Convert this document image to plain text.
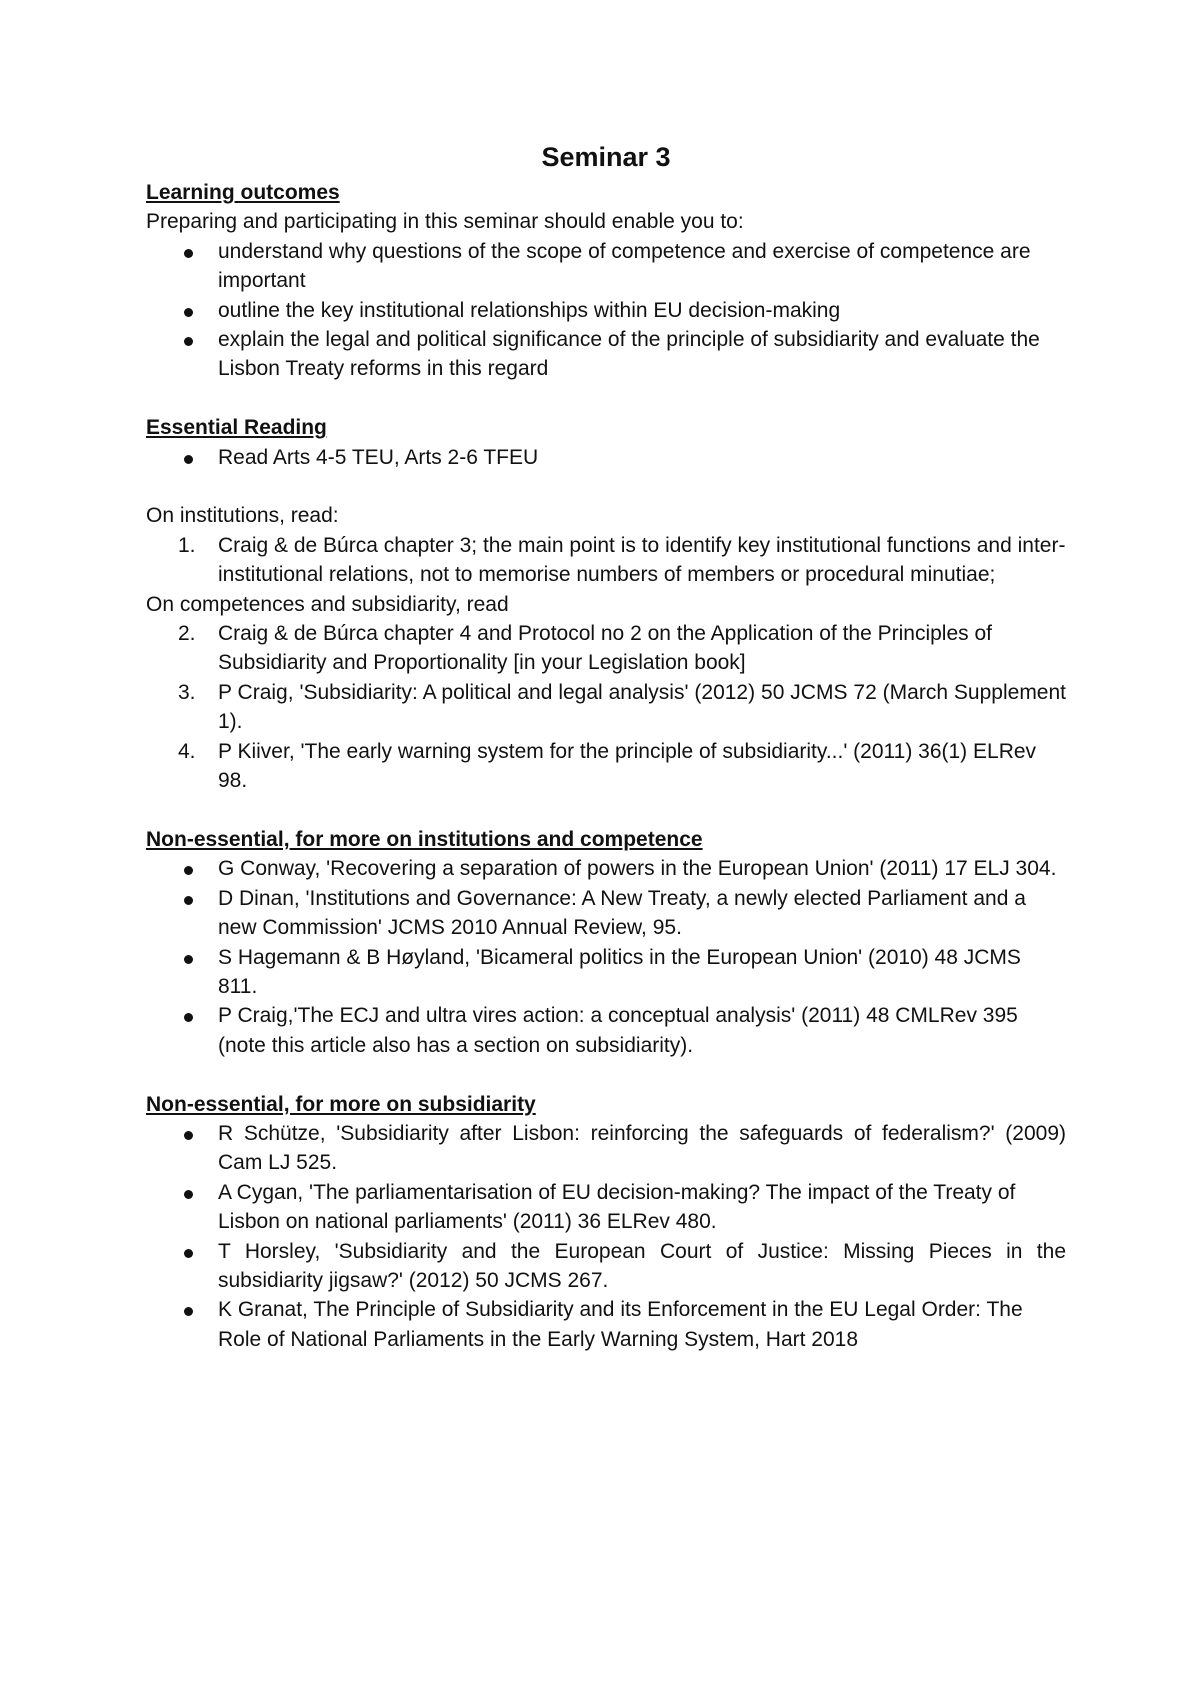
Seminar 3

Learning outcomes

Preparing and participating in this seminar should enable you to:

understand why questions of the scope of competence and exercise of competence are important
outline the key institutional relationships within EU decision-making
explain the legal and political significance of the principle of subsidiarity and evaluate the Lisbon Treaty reforms in this regard

Essential Reading

Read Arts 4-5 TEU, Arts 2-6 TFEU

On institutions, read:

1. Craig & de Búrca chapter 3; the main point is to identify key institutional functions and inter-institutional relations, not to memorise numbers of members or procedural minutiae;

On competences and subsidiarity, read

2. Craig & de Búrca chapter 4 and Protocol no 2 on the Application of the Principles of Subsidiarity and Proportionality [in your Legislation book]
3. P Craig, 'Subsidiarity: A political and legal analysis' (2012) 50 JCMS 72 (March Supplement 1).
4. P Kiiver, 'The early warning system for the principle of subsidiarity...' (2011) 36(1) ELRev 98.

Non-essential, for more on institutions and competence

G Conway, 'Recovering a separation of powers in the European Union' (2011) 17 ELJ 304.
D Dinan, 'Institutions and Governance: A New Treaty, a newly elected Parliament and a new Commission' JCMS 2010 Annual Review, 95.
S Hagemann & B Høyland, 'Bicameral politics in the European Union' (2010) 48 JCMS 811.
P Craig,'The ECJ and ultra vires action: a conceptual analysis' (2011) 48 CMLRev 395 (note this article also has a section on subsidiarity).

Non-essential, for more on subsidiarity

R Schütze, 'Subsidiarity after Lisbon: reinforcing the safeguards of federalism?' (2009) Cam LJ 525.
A Cygan, 'The parliamentarisation of EU decision-making? The impact of the Treaty of Lisbon on national parliaments' (2011) 36 ELRev 480.
T Horsley, 'Subsidiarity and the European Court of Justice: Missing Pieces in the subsidiarity jigsaw?' (2012) 50 JCMS 267.
K Granat, The Principle of Subsidiarity and its Enforcement in the EU Legal Order: The Role of National Parliaments in the Early Warning System, Hart 2018
